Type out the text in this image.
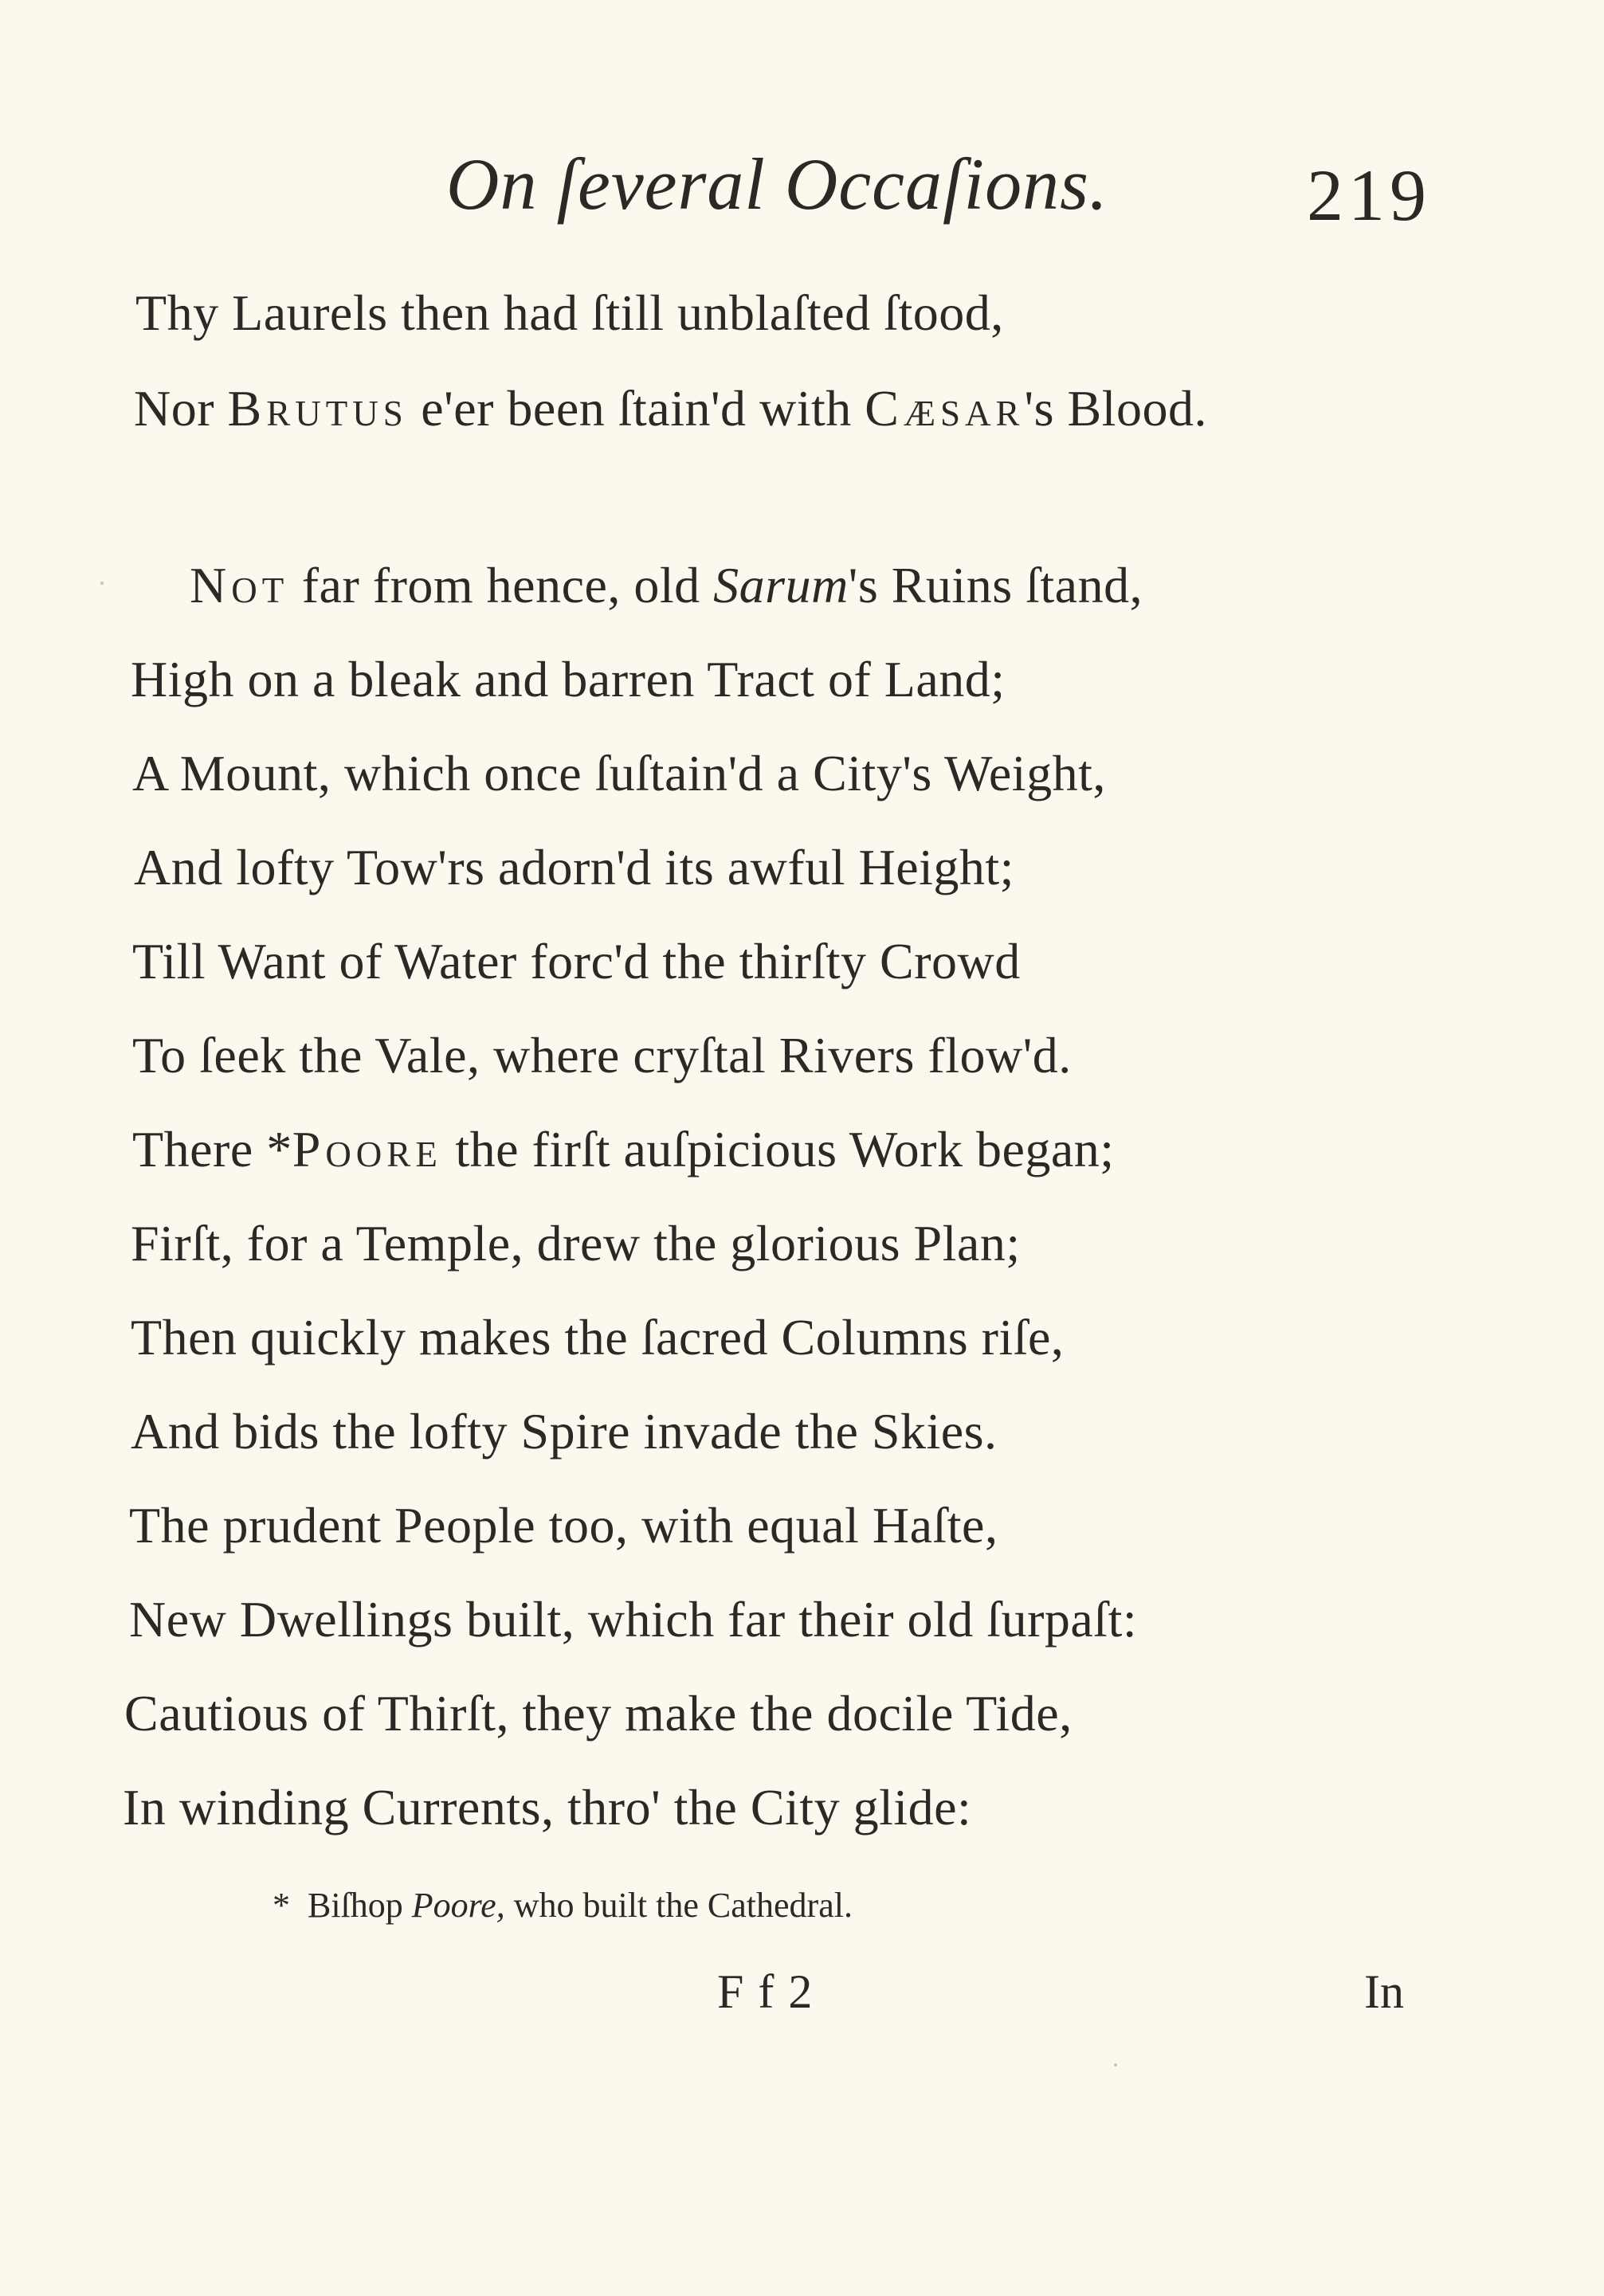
On ſeveral Occaſions.	219
Thy Laurels then had ſtill unblaſted ſtood,
Nor Brutus e'er been ſtain'd with Cæsar's Blood.
Not far from hence, old Sarum's Ruins ſtand,
High on a bleak and barren Tract of Land;
A Mount, which once ſuſtain'd a City's Weight,
And lofty Tow'rs adorn'd its awful Height;
Till Want of Water forc'd the thirſty Crowd
To ſeek the Vale, where cryſtal Rivers flow'd.
There *Poore the firſt auſpicious Work began;
Firſt, for a Temple, drew the glorious Plan;
Then quickly makes the ſacred Columns riſe,
And bids the lofty Spire invade the Skies.
The prudent People too, with equal Haſte,
New Dwellings built, which far their old ſurpaſt:
Cautious of Thirſt, they make the docile Tide,
In winding Currents, thro' the City glide:
* Biſhop Poore, who built the Cathedral.
Ff2	In
